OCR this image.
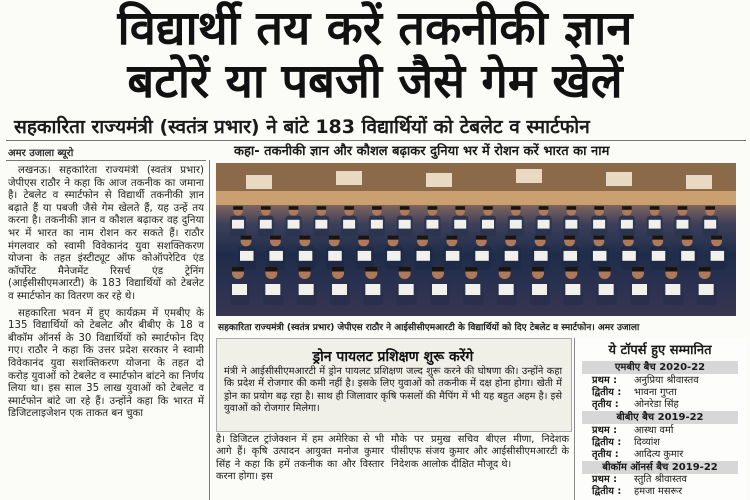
विद्यार्थी तय करें तकनीकी ज्ञान
बटोरें या पबजी जैसे गेम खेलें
सहकारिता राज्यमंत्री (स्वतंत्र प्रभार) ने बांटे 183 विद्यार्थियों को टेबलेट व स्मार्टफोन
अमर उजाला ब्यूरो	कहा- तकनीकी ज्ञान और कौशल बढ़ाकर दुनिया भर में रोशन करें भारत का नाम

लखनऊ। सहकारिता राज्यमंत्री (स्वतंत्र प्रभार) जेपीएस राठौर ने कहा कि आज तकनीक का जमाना है। टेबलेट व स्मार्टफोन से विद्यार्थी तकनीकी ज्ञान बढ़ाते हैं या पबजी जैसे गेम खेलते हैं, यह उन्हें तय करना है। तकनीकी ज्ञान व कौशल बढ़ाकर वह दुनिया भर में भारत का नाम रोशन कर सकते हैं। राठौर मंगलवार को स्वामी विवेकानंद युवा सशक्तिकरण योजना के तहत इंस्टीट्यूट ऑफ कोऑपरेटिव एंड कॉर्पोरेट मैनेजमेंट रिसर्च एंड ट्रेनिंग (आईसीसीएमआरटी) के 183 विद्यार्थियों को टेबलेट व स्मार्टफोन का वितरण कर रहे थे।

सहकारिता भवन में हुए कार्यक्रम में एमबीए के 135 विद्यार्थियों को टेबलेट और बीबीए के 18 व बीकॉम ऑनर्स के 30 विद्यार्थियों को स्मार्टफोन दिए गए। राठौर ने कहा कि उत्तर प्रदेश सरकार ने स्वामी विवेकानंद युवा सशक्तिकरण योजना के तहत दो करोड़ युवाओं को टेबलेट व स्मार्टफोन बांटने का निर्णय लिया था। इस साल 35 लाख युवाओं को टेबलेट व स्मार्टफोन बांटे जा रहे हैं। उन्होंने कहा कि भारत में डिजिटलाइजेशन एक ताकत बन चुका

सहकारिता राज्यमंत्री (स्वतंत्र प्रभार) जेपीएस राठौर ने आईसीसीएमआरटी के विद्यार्थियों को दिए टेबलेट व स्मार्टफोन। अमर उजाला
ड्रोन पायलट प्रशिक्षण शुरू करेंगे
मंत्री ने आईसीसीएमआरटी में ड्रोन पायलट प्रशिक्षण जल्द शुरू करने की घोषणा की। उन्होंने कहा कि प्रदेश में रोजगार की कमी नहीं है। इसके लिए युवाओं को तकनीक में दक्ष होना होगा। खेती में ड्रोन का प्रयोग बढ़ रहा है। साथ ही जिलावार कृषि फसलों की मैपिंग में भी यह बहुत अहम है। इसे युवाओं को रोजगार मिलेगा।
है। डिजिटल ट्रांजेक्शन में हम अमेरिका से भी आगे हैं। कृषि उत्पादन आयुक्त मनोज कुमार सिंह ने कहा कि हमें तकनीक का और विस्तार करना होगा। इस
मौके पर प्रमुख सचिव बीएल मीणा, निदेशक पीसीएफ संजय कुमार और आईसीसीएमआरटी के निदेशक आलोक दीक्षित मौजूद थे।
ये टॉपर्स हुए सम्मानित
एमबीए बैच 2020-22
प्रथम : अनुप्रिया श्रीवास्तव
द्वितीय : भावना गुप्ता
तृतीय : ओनरेडा सिंह
बीबीए बैच 2019-22
प्रथम : आस्था वर्मा
द्वितीय : दिव्यांश
तृतीय : आदित्य कुमार
बीकॉम ऑनर्स बैच 2019-22
प्रथम : स्तुति श्रीवास्तव
द्वितीय : हमजा मसरूर
